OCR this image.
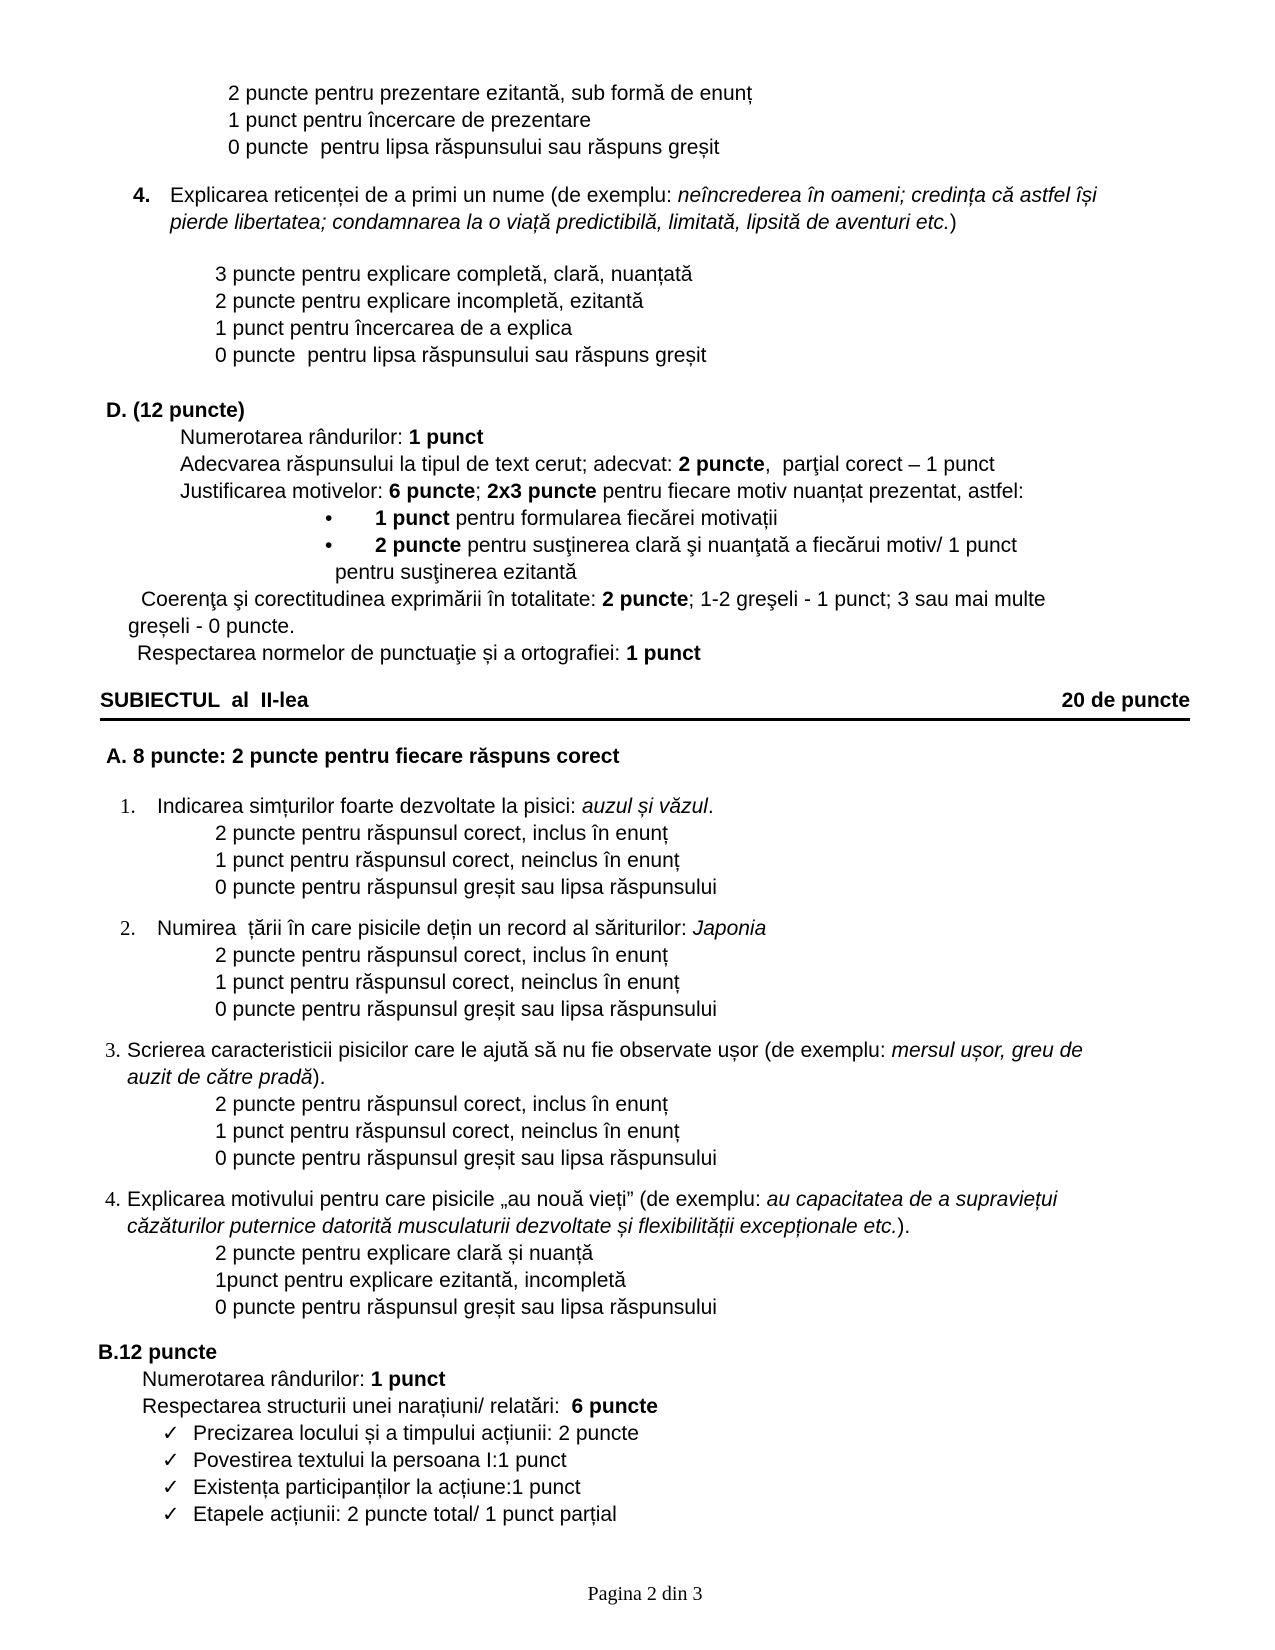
2 puncte pentru prezentare ezitantă, sub formă de enunț
1 punct pentru încercare de prezentare
0 puncte  pentru lipsa răspunsului sau răspuns greșit
4. Explicarea reticenței de a primi un nume (de exemplu: neîncrederea în oameni; credința că astfel își
pierde libertatea; condamnarea la o viață predictibilă, limitată, lipsită de aventuri etc.)
3 puncte pentru explicare completă, clară, nuanțată
2 puncte pentru explicare incompletă, ezitantă
1 punct pentru încercarea de a explica
0 puncte  pentru lipsa răspunsului sau răspuns greșit
D. (12 puncte)
Numerotarea rândurilor: 1 punct
Adecvarea răspunsului la tipul de text cerut; adecvat: 2 puncte,  parţial corect – 1 punct
Justificarea motivelor: 6 puncte; 2x3 puncte pentru fiecare motiv nuanțat prezentat, astfel:
•	1 punct pentru formularea fiecărei motivații
•	2 puncte pentru susţinerea clară şi nuanţată a fiecărui motiv/ 1 punct
pentru susţinerea ezitantă
Coerenţa şi corectitudinea exprimării în totalitate: 2 puncte; 1-2 greşeli - 1 punct; 3 sau mai multe
greșeli - 0 puncte.
Respectarea normelor de punctuaţie și a ortografiei: 1 punct
SUBIECTUL  al  II-lea	20 de puncte
A. 8 puncte: 2 puncte pentru fiecare răspuns corect
1. Indicarea simțurilor foarte dezvoltate la pisici: auzul și văzul.
2 puncte pentru răspunsul corect, inclus în enunț
1 punct pentru răspunsul corect, neinclus în enunț
0 puncte pentru răspunsul greșit sau lipsa răspunsului
2. Numirea  țării în care pisicile dețin un record al săriturilor: Japonia
2 puncte pentru răspunsul corect, inclus în enunț
1 punct pentru răspunsul corect, neinclus în enunț
0 puncte pentru răspunsul greșit sau lipsa răspunsului
3. Scrierea caracteristicii pisicilor care le ajută să nu fie observate ușor (de exemplu: mersul ușor, greu de
auzit de către pradă).
2 puncte pentru răspunsul corect, inclus în enunț
1 punct pentru răspunsul corect, neinclus în enunț
0 puncte pentru răspunsul greșit sau lipsa răspunsului
4. Explicarea motivului pentru care pisicile „au nouă vieți” (de exemplu: au capacitatea de a supraviețui
căzăturilor puternice datorită musculaturii dezvoltate și flexibilității excepționale etc.).
2 puncte pentru explicare clară și nuanță
1punct pentru explicare ezitantă, incompletă
0 puncte pentru răspunsul greșit sau lipsa răspunsului
B.12 puncte
Numerotarea rândurilor: 1 punct
Respectarea structurii unei narațiuni/ relatări:  6 puncte
✓ Precizarea locului și a timpului acțiunii: 2 puncte
✓ Povestirea textului la persoana I:1 punct
✓ Existența participanților la acțiune:1 punct
✓ Etapele acțiunii: 2 puncte total/ 1 punct parțial
Pagina 2 din 3
